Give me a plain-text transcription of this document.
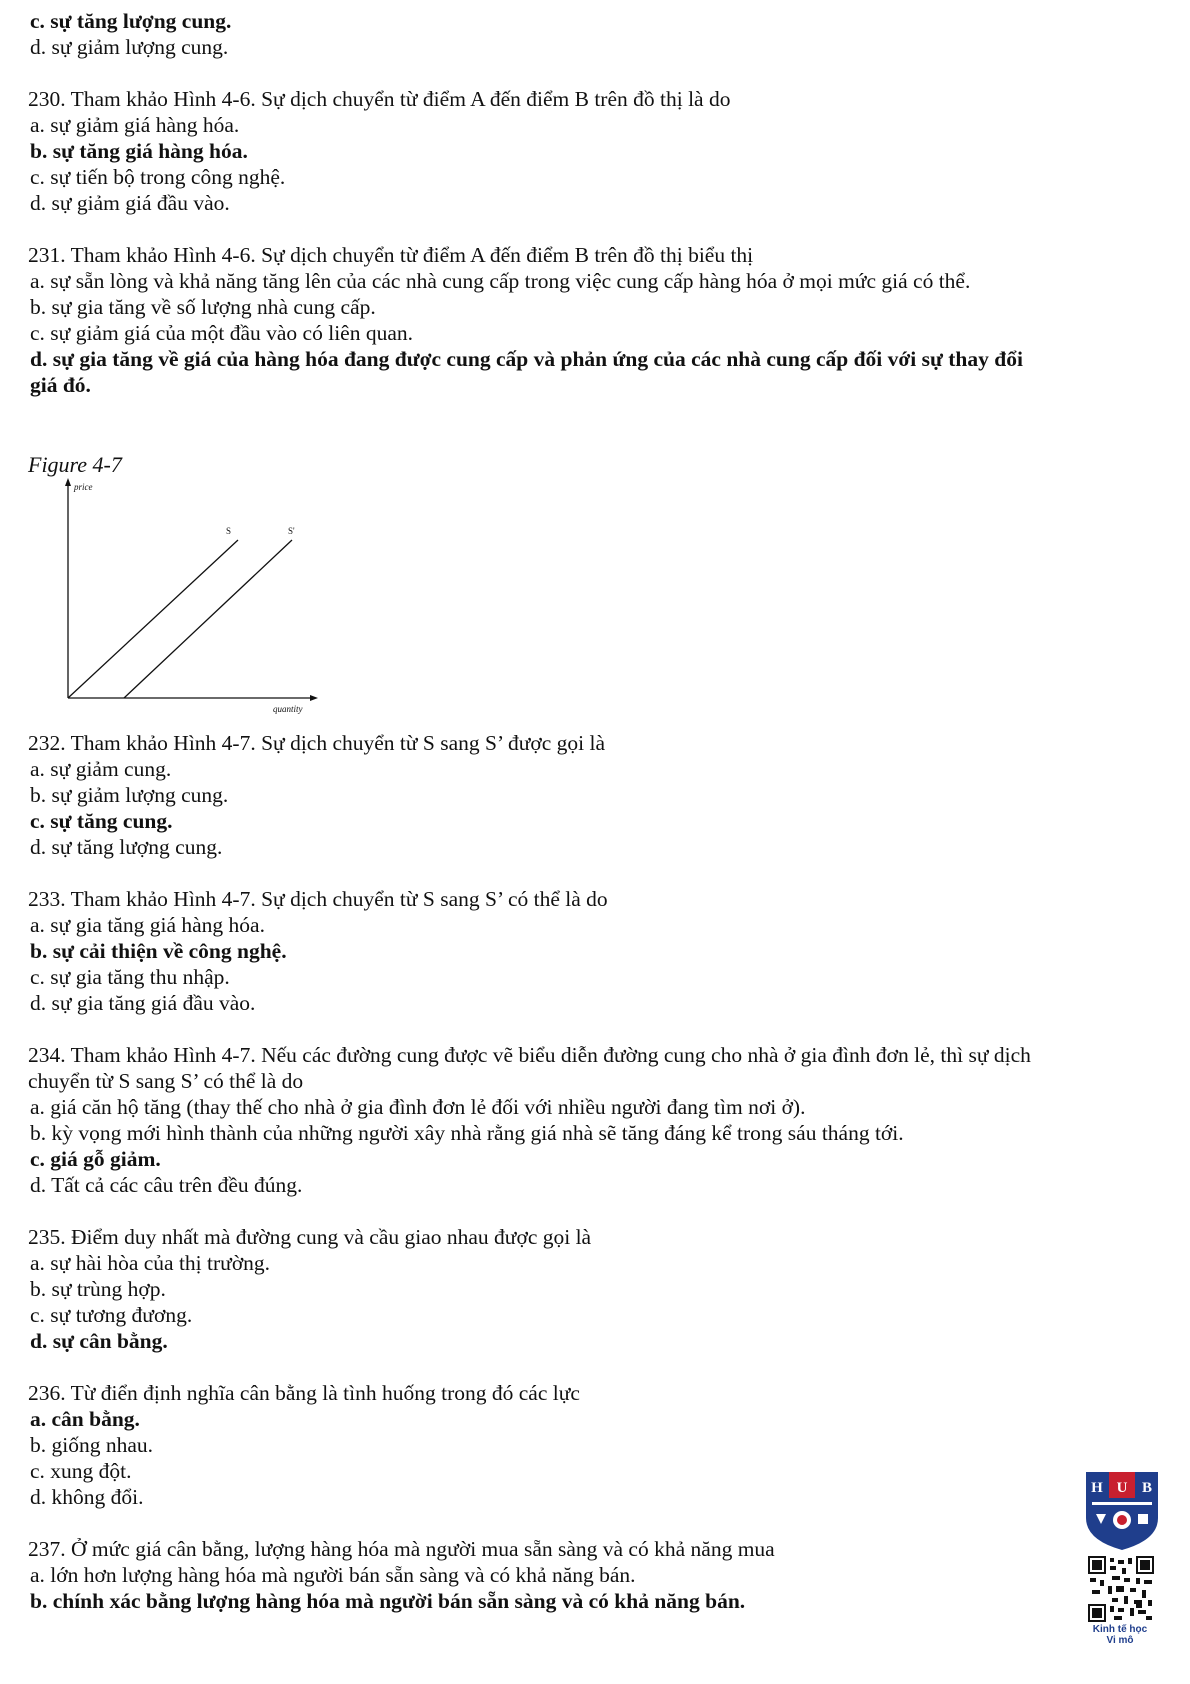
c. sự tăng lượng cung.
d. sự giảm lượng cung.
230. Tham khảo Hình 4-6. Sự dịch chuyển từ điểm A đến điểm B trên đồ thị là do
a. sự giảm giá hàng hóa.
b. sự tăng giá hàng hóa.
c. sự tiến bộ trong công nghệ.
d. sự giảm giá đầu vào.
231. Tham khảo Hình 4-6. Sự dịch chuyển từ điểm A đến điểm B trên đồ thị biểu thị
a. sự sẵn lòng và khả năng tăng lên của các nhà cung cấp trong việc cung cấp hàng hóa ở mọi mức giá có thể.
b. sự gia tăng về số lượng nhà cung cấp.
c. sự giảm giá của một đầu vào có liên quan.
d. sự gia tăng về giá của hàng hóa đang được cung cấp và phản ứng của các nhà cung cấp đối với sự thay đổi
giá đó.
Figure 4-7
price
quantity
S	S'
232. Tham khảo Hình 4-7. Sự dịch chuyển từ S sang S’ được gọi là
a. sự giảm cung.
b. sự giảm lượng cung.
c. sự tăng cung.
d. sự tăng lượng cung.
233. Tham khảo Hình 4-7. Sự dịch chuyển từ S sang S’ có thể là do
a. sự gia tăng giá hàng hóa.
b. sự cải thiện về công nghệ.
c. sự gia tăng thu nhập.
d. sự gia tăng giá đầu vào.
234. Tham khảo Hình 4-7. Nếu các đường cung được vẽ biểu diễn đường cung cho nhà ở gia đình đơn lẻ, thì sự dịch
chuyển từ S sang S’ có thể là do
a. giá căn hộ tăng (thay thế cho nhà ở gia đình đơn lẻ đối với nhiều người đang tìm nơi ở).
b. kỳ vọng mới hình thành của những người xây nhà rằng giá nhà sẽ tăng đáng kể trong sáu tháng tới.
c. giá gỗ giảm.
d. Tất cả các câu trên đều đúng.
235. Điểm duy nhất mà đường cung và cầu giao nhau được gọi là
a. sự hài hòa của thị trường.
b. sự trùng hợp.
c. sự tương đương.
d. sự cân bằng.
236. Từ điển định nghĩa cân bằng là tình huống trong đó các lực
a. cân bằng.
b. giống nhau.
c. xung đột.
d. không đổi.
237. Ở mức giá cân bằng, lượng hàng hóa mà người mua sẵn sàng và có khả năng mua
a. lớn hơn lượng hàng hóa mà người bán sẵn sàng và có khả năng bán.
b. chính xác bằng lượng hàng hóa mà người bán sẵn sàng và có khả năng bán.
H U B
Kinh tế học
Vi mô
